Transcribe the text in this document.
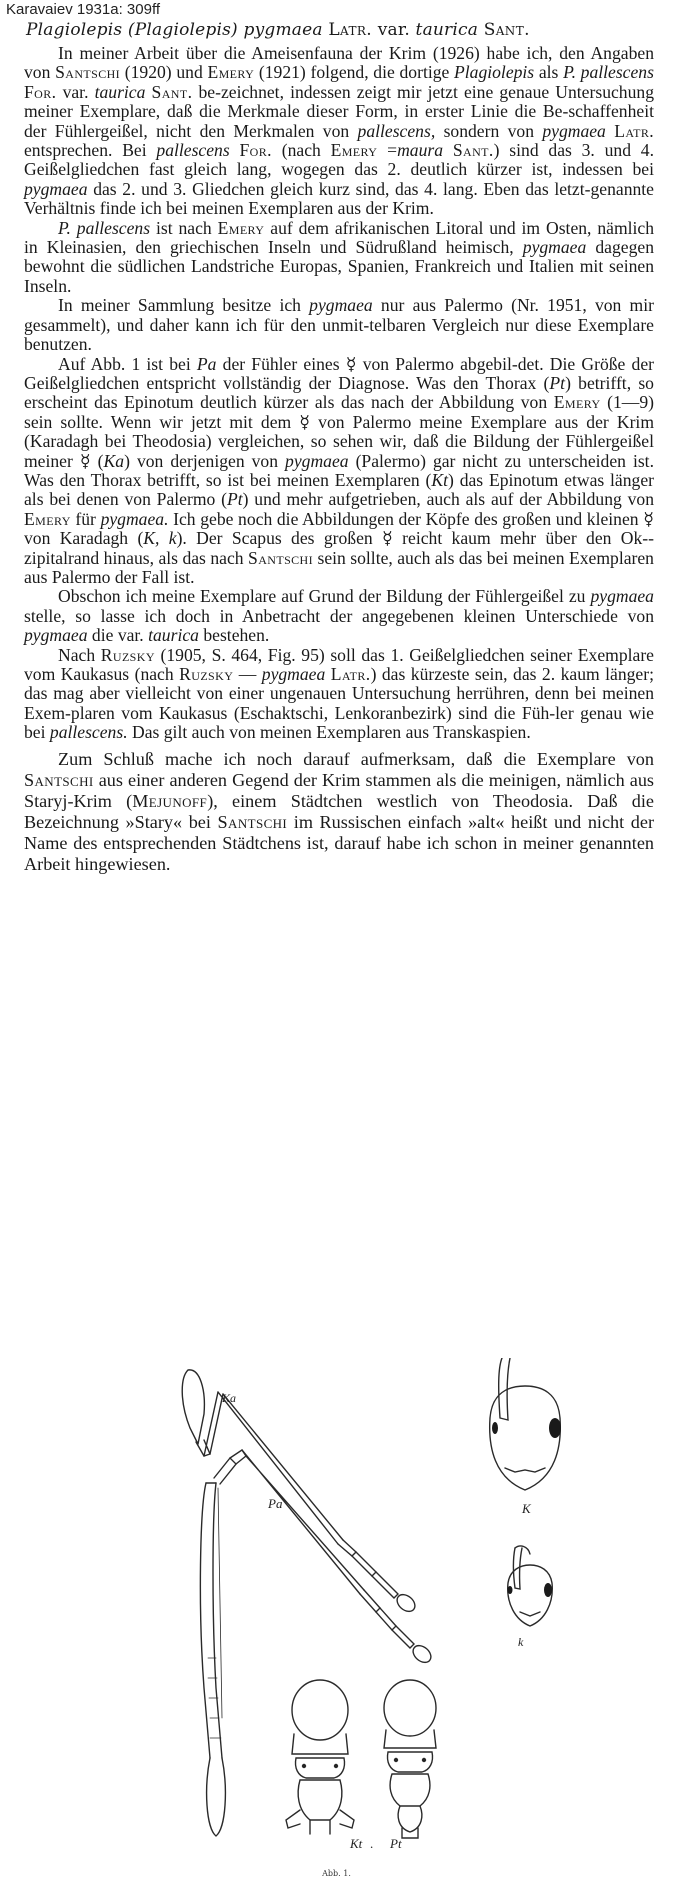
Karavaiev 1931a: 309ff
Plagiolepis (Plagiolepis) pygmaea Latr. var. taurica Sant.

In meiner Arbeit über die Ameisenfauna der Krim (1926) habe ich, den Angaben von Santschi (1920) und Emery (1921) folgend, die dortige Plagiolepis als P. pallescens For. var. taurica Sant. be-zeichnet, indessen zeigt mir jetzt eine genaue Untersuchung meiner Exemplare, daß die Merkmale dieser Form, in erster Linie die Be-schaffenheit der Fühlergeißel, nicht den Merkmalen von pallescens, sondern von pygmaea Latr. entsprechen. Bei pallescens For. (nach Emery =maura Sant.) sind das 3. und 4. Geißelgliedchen fast gleich lang, wogegen das 2. deutlich kürzer ist, indessen bei pygmaea das 2. und 3. Gliedchen gleich kurz sind, das 4. lang. Eben das letzt-genannte Verhältnis finde ich bei meinen Exemplaren aus der Krim.

P. pallescens ist nach Emery auf dem afrikanischen Litoral und im Osten, nämlich in Kleinasien, den griechischen Inseln und Südrußland heimisch, pygmaea dagegen bewohnt die südlichen Landstriche Europas, Spanien, Frankreich und Italien mit seinen Inseln.

In meiner Sammlung besitze ich pygmaea nur aus Palermo (Nr. 1951, von mir gesammelt), und daher kann ich für den unmit-telbaren Vergleich nur diese Exemplare benutzen.

Auf Abb. 1 ist bei Pa der Fühler eines ☿ von Palermo abgebil-det. Die Größe der Geißelgliedchen entspricht vollständig der Diagnose. Was den Thorax (Pt) betrifft, so erscheint das Epinotum deutlich kürzer als das nach der Abbildung von Emery (1—9) sein sollte. Wenn wir jetzt mit dem ☿ von Palermo meine Exemplare aus der Krim (Karadagh bei Theodosia) vergleichen, so sehen wir, daß die Bildung der Fühlergeißel meiner ☿ (Ka) von derjenigen von pygmaea (Palermo) gar nicht zu unterscheiden ist. Was den Thorax betrifft, so ist bei meinen Exemplaren (Kt) das Epinotum etwas länger als bei denen von Palermo (Pt) und mehr aufgetrieben, auch als auf der Abbildung von Emery für pygmaea. Ich gebe noch die Abbildungen der Köpfe des großen und kleinen ☿ von Karadagh (K, k). Der Scapus des großen ☿ reicht kaum mehr über den Ok-zipitalrand hinaus, als das nach Santschi sein sollte, auch als das bei meinen Exemplaren aus Palermo der Fall ist.

Obschon ich meine Exemplare auf Grund der Bildung der Fühlergeißel zu pygmaea stelle, so lasse ich doch in Anbetracht der angegebenen kleinen Unterschiede von pygmaea die var. taurica bestehen.

Nach Ruzsky (1905, S. 464, Fig. 95) soll das 1. Geißelgliedchen seiner Exemplare vom Kaukasus (nach Ruzsky — pygmaea Latr.) das kürzeste sein, das 2. kaum länger; das mag aber vielleicht von einer ungenauen Untersuchung herrühren, denn bei meinen Exem-plaren vom Kaukasus (Eschaktschi, Lenkoranbezirk) sind die Füh-ler genau wie bei pallescens. Das gilt auch von meinen Exemplaren aus Transkaspien.

Zum Schluß mache ich noch darauf aufmerksam, daß die Exemplare von Santschi aus einer anderen Gegend der Krim stammen als die meinigen, nämlich aus Staryj-Krim (Mejunoff), einem Städtchen westlich von Theodosia. Daß die Bezeichnung »Stary« bei Santschi im Russischen einfach »alt« heißt und nicht der Name des entsprechenden Städtchens ist, darauf habe ich schon in meiner genannten Arbeit hingewiesen.

K
k
Ka
Pa
Kt . Pt
Abb. 1.
